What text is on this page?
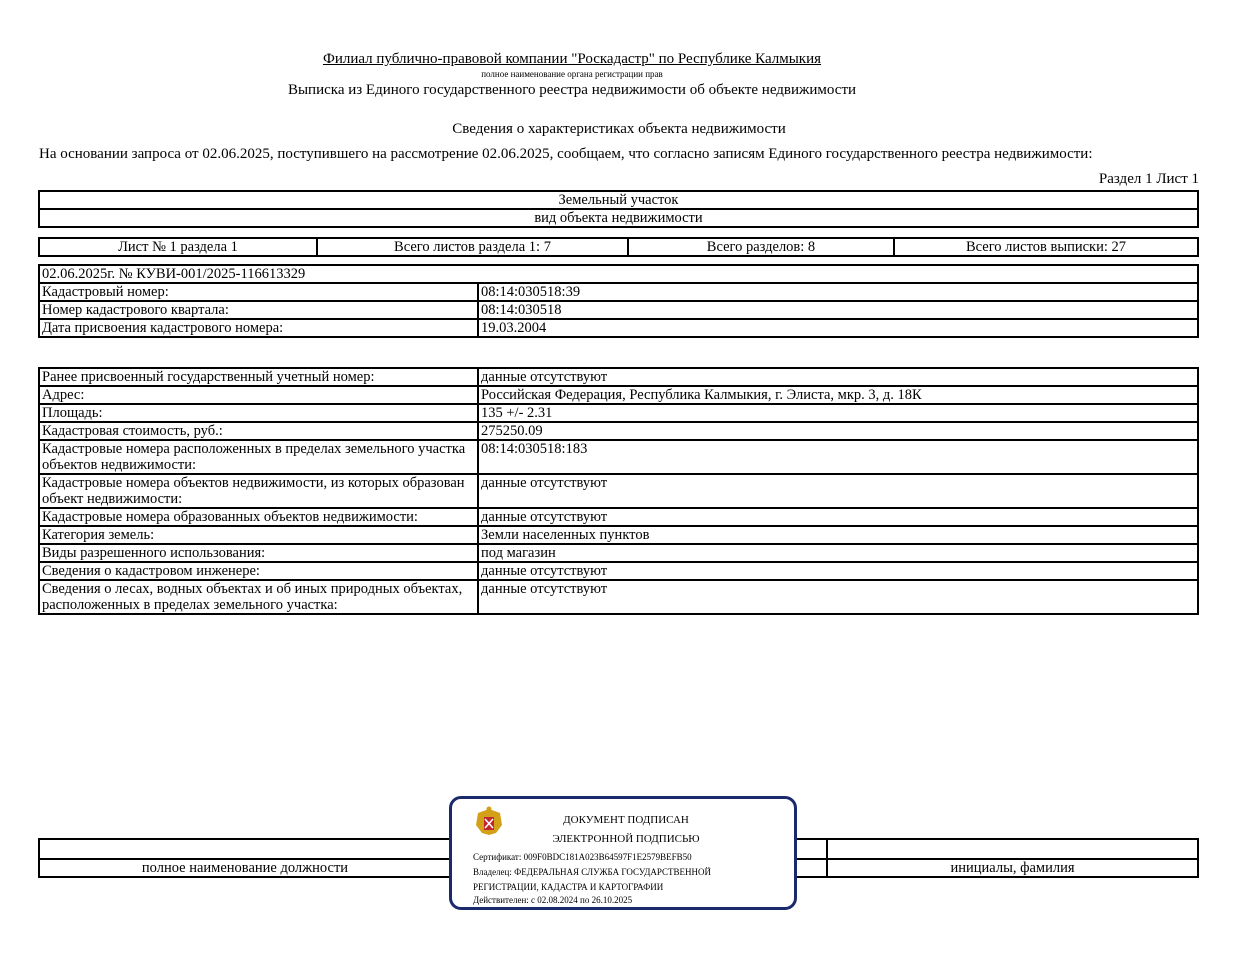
Филиал публично-правовой компании "Роскадастр" по Республике Калмыкия
полное наименование органа регистрации прав
Выписка из Единого государственного реестра недвижимости об объекте недвижимости
Сведения о характеристиках объекта недвижимости
На основании запроса от 02.06.2025, поступившего на рассмотрение 02.06.2025, сообщаем, что согласно записям Единого государственного реестра недвижимости:
Раздел 1 Лист 1
Земельный участок
вид объекта недвижимости
Лист № 1 раздела 1	Всего листов раздела 1: 7	Всего разделов: 8	Всего листов выписки: 27
02.06.2025г. № КУВИ-001/2025-116613329	
Кадастровый номер:	08:14:030518:39
Номер кадастрового квартала:	08:14:030518
Дата присвоения кадастрового номера:	19.03.2004
Ранее присвоенный государственный учетный номер:	данные отсутствуют
Адрес:	Российская Федерация, Республика Калмыкия, г. Элиста, мкр. 3, д. 18К
Площадь:	135 +/- 2.31
Кадастровая стоимость, руб.:	275250.09
Кадастровые номера расположенных в пределах земельного участка объектов недвижимости:	08:14:030518:183
Кадастровые номера объектов недвижимости, из которых образован объект недвижимости:	данные отсутствуют
Кадастровые номера образованных объектов недвижимости:	данные отсутствуют
Категория земель:	Земли населенных пунктов
Виды разрешенного использования:	под магазин
Сведения о кадастровом инженере:	данные отсутствуют
Сведения о лесах, водных объектах и об иных природных объектах, расположенных в пределах земельного участка:	данные отсутствуют

полное наименование должности		инициалы, фамилия
ДОКУМЕНТ ПОДПИСАН
ЭЛЕКТРОННОЙ ПОДПИСЬЮ
Сертификат: 009F0BDC181A023B64597F1E2579BEFB50
Владелец: ФЕДЕРАЛЬНАЯ СЛУЖБА ГОСУДАРСТВЕННОЙ
РЕГИСТРАЦИИ, КАДАСТРА И КАРТОГРАФИИ
Действителен: с 02.08.2024 по 26.10.2025
